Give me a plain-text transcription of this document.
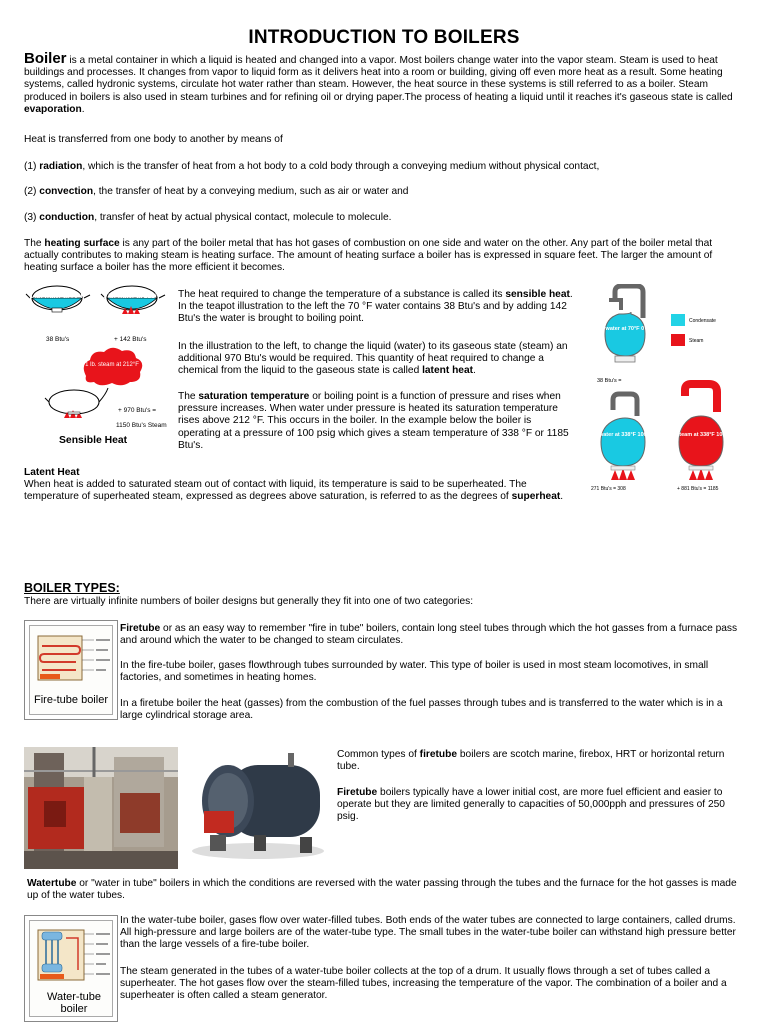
INTRODUCTION TO BOILERS

Boiler is a metal container in which a liquid is heated and changed into a vapor. Most boilers change water into the vapor steam. Steam is used to heat buildings and processes. It changes from vapor to liquid form as it delivers heat into a room or building, giving off even more heat as a result. Some heating systems, called hydronic systems, circulate hot water rather than steam. However, the heat source in these systems is still referred to as a boiler. Steam produced in boilers is also used in steam turbines and for refining oil or drying paper.The process of heating a liquid until it reaches it's gaseous state is called evaporation.

Heat is transferred from one body to another by means of

(1) radiation, which is the transfer of heat from a hot body to a cold body through a conveying medium without physical contact,

(2) convection, the transfer of heat by a conveying medium, such as air or water and

(3) conduction, transfer of heat by actual physical contact, molecule to molecule.

The heating surface is any part of the boiler metal that has hot gases of combustion on one side and water on the other. Any part of the boiler metal that actually contributes to making steam is heating surface. The amount of heating surface a boiler has is expressed in square feet. The larger the amount of heating surface a boiler has the more efficient it becomes.

1 lb. water at 70°F
38 Btu's
1 lb. water at 212°F
+ 142 Btu's
1 lb. steam at 212°F
+ 970 Btu's =
1150 Btu's Steam
Sensible Heat

The heat required to change the temperature of a substance is called its sensible heat. In the teapot illustration to the left the 70 °F water contains 38 Btu's and by adding 142 Btu's the water is brought to boiling point.

In the illustration to the left, to change the liquid (water) to its gaseous state (steam) an additional 970 Btu's would be required. This quantity of heat required to change a chemical from the liquid to the gaseous state is called latent heat.

The saturation temperature or boiling point is a function of pressure and rises when pressure increases. When water under pressure is heated its saturation temperature rises above 212 °F. This occurs in the boiler. In the example below the boiler is operating at a pressure of 100 psig which gives a steam temperature of 338 °F or 1185 Btu's.

1 lb. water at 70°F 0 psig
38 Btu's =
Condensate
Steam
1 lb. water at 338°F 100 psig
271 Btu's = 308
1 lb. steam at 338°F 100 psig
+ 881 Btu's = 1185
Latent Heat

When heat is added to saturated steam out of contact with liquid, its temperature is said to be superheated. The temperature of superheated steam, expressed as degrees above saturation, is referred to as the degrees of superheat.

BOILER TYPES:

There are virtually infinite numbers of boiler designs but generally they fit into one of two categories:

Fire-tube boiler

Firetube or as an easy way to remember "fire in tube" boilers, contain long steel tubes through which the hot gasses from a furnace pass and around which the water to be changed to steam circulates.

In the fire-tube boiler, gases flowthrough tubes surrounded by water. This type of boiler is used in most steam locomotives, in small factories, and sometimes in heating homes.

In a firetube boiler the heat (gasses) from the combustion of the fuel passes through tubes and is transferred to the water which is in a large cylindrical storage area.

Common types of firetube boilers are scotch marine, firebox, HRT or horizontal return tube.

Firetube boilers typically have a lower initial cost, are more fuel efficient and easier to operate but they are limited generally to capacities of 50,000pph and pressures of 250 psig.

Watertube or "water in tube" boilers in which the conditions are reversed with the water passing through the tubes and the furnace for the hot gasses is made up of the water tubes.

Water-tube boiler

In the water-tube boiler, gases flow over water-filled tubes. Both ends of the water tubes are connected to large containers, called drums. All high-pressure and large boilers are of the water-tube type. The small tubes in the water-tube boiler can withstand high pressure better than the large vessels of a fire-tube boiler.

The steam generated in the tubes of a water-tube boiler collects at the top of a drum. It usually flows through a set of tubes called a superheater. The hot gases flow over the steam-filled tubes, increasing the temperature of the vapor. The combination of a boiler and a superheater is often called a steam generator.
